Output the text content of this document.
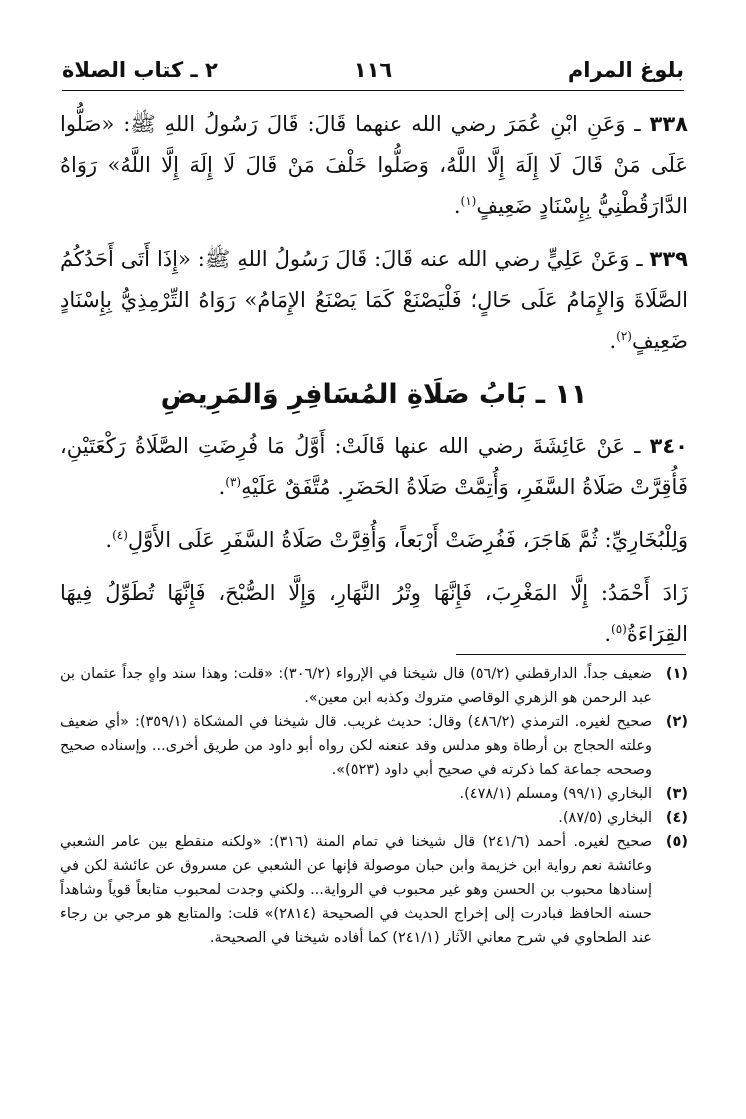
بلوغ المرام
١١٦
٢ ـ كتاب الصلاة

٣٣٨ ـ وَعَنِ ابْنِ عُمَرَ رضي الله عنهما قَالَ: قَالَ رَسُولُ اللهِ ﷺ: «صَلُّوا عَلَى مَنْ قَالَ لَا إِلَهَ إِلَّا اللَّهُ، وَصَلُّوا خَلْفَ مَنْ قَالَ لَا إِلَهَ إِلَّا اللَّهُ» رَوَاهُ الدَّارَقُطْنِيُّ بِإِسْنَادٍ ضَعِيفٍ$^{(١)}$.

٣٣٩ ـ وَعَنْ عَلِيٍّ رضي الله عنه قَالَ: قَالَ رَسُولُ اللهِ ﷺ: «إِذَا أَتَى أَحَدُكُمُ الصَّلَاةَ وَالإِمَامُ عَلَى حَالٍ؛ فَلْيَصْنَعْ كَمَا يَصْنَعُ الإِمَامُ» رَوَاهُ التِّرْمِذِيُّ بِإِسْنَادٍ ضَعِيفٍ$^{(٢)}$.

١١ ـ بَابُ صَلَاةِ المُسَافِرِ وَالمَرِيضِ

٣٤٠ ـ عَنْ عَائِشَةَ رضي الله عنها قَالَتْ: أَوَّلُ مَا فُرِضَتِ الصَّلَاةُ رَكْعَتَيْنِ، فَأُقِرَّتْ صَلَاةُ السَّفَرِ، وَأُتِمَّتْ صَلَاةُ الحَضَرِ. مُتَّفَقٌ عَلَيْهِ$^{(٣)}$.

وَلِلْبُخَارِيِّ: ثُمَّ هَاجَرَ، فَفُرِضَتْ أَرْبَعاً، وَأُقِرَّتْ صَلَاةُ السَّفَرِ عَلَى الأَوَّلِ$^{(٤)}$.

زَادَ أَحْمَدُ: إِلَّا المَغْرِبَ، فَإِنَّهَا وِتْرُ النَّهَارِ، وَإِلَّا الصُّبْحَ، فَإِنَّهَا تُطَوِّلُ فِيهَا القِرَاءَةُ$^{(٥)}$.

(١)
ضعيف جداً. الدارقطني (٥٦/٢) قال شيخنا في الإرواء (٣٠٦/٢): «قلت: وهذا سند واهٍ جداً عثمان بن عبد الرحمن هو الزهري الوقاصي متروك وكذبه ابن معين».
(٢)
صحيح لغيره. الترمذي (٤٨٦/٢) وقال: حديث غريب. قال شيخنا في المشكاة (٣٥٩/١): «أي ضعيف وعلته الحجاج بن أرطاة وهو مدلس وقد عنعنه لكن رواه أبو داود من طريق أخرى... وإسناده صحيح وصححه جماعة كما ذكرته في صحيح أبي داود (٥٢٣)».
(٣)
البخاري (٩٩/١) ومسلم (٤٧٨/١).
(٤)
البخاري (٨٧/٥).
(٥)
صحيح لغيره. أحمد (٢٤١/٦) قال شيخنا في تمام المنة (٣١٦): «ولكنه منقطع بين عامر الشعبي وعائشة نعم رواية ابن خزيمة وابن حبان موصولة فإنها عن الشعبي عن مسروق عن عائشة لكن في إسنادها محبوب بن الحسن وهو غير محبوب في الرواية... ولكني وجدت لمحبوب متابعاً قوياً وشاهداً حسنه الحافظ فبادرت إلى إخراج الحديث في الصحيحة (٢٨١٤)» قلت: والمتابع هو مرجي بن رجاء عند الطحاوي في شرح معاني الآثار (٢٤١/١) كما أفاده شيخنا في الصحيحة.
